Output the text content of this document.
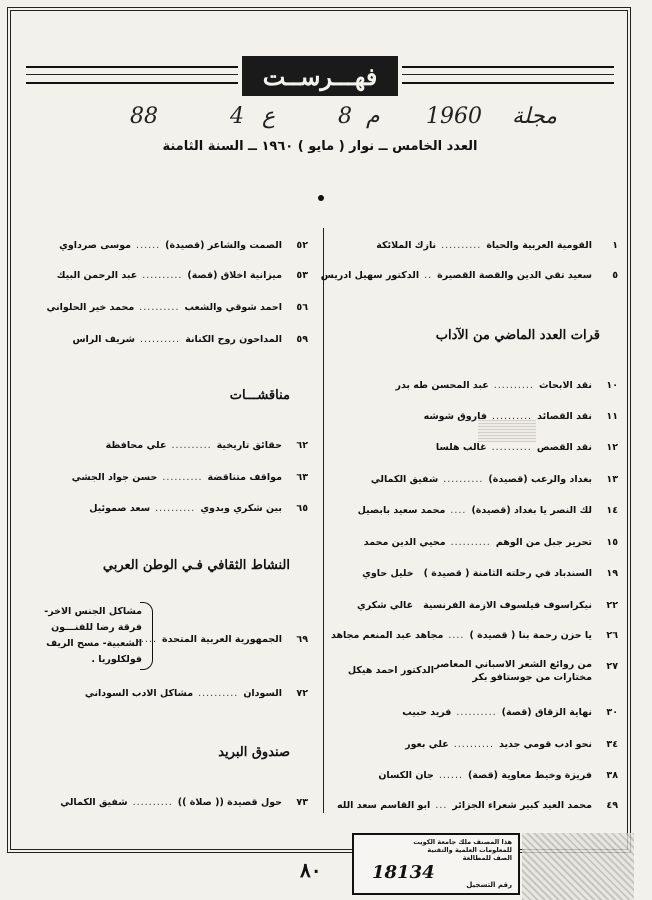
فهـــرســت
مجلة
1960
م
8
ع
4
88
العدد الخامس ــ نوار ( مايو ) ١٩٦٠ ــ السنة الثامنة
١
القومية العربية والحياة
..........
نازك الملائكة
٥
سعيد تقي الدين والقصة القصيرة
..
الدكتور سهيل ادريس
قرات العدد الماضي من الآداب
١٠
نقد الابحاث
..........
عبد المحسن طه بدر
١١
نقد القصائد
..........
فاروق شوشه
١٢
نقد القصص
..........
غالب هلسا
١٣
بغداد والرعب (قصيدة)
..........
شفيق الكمالي
١٤
لك النصر يا بغداد (قصيدة)
....
محمد سعيد بابصيل
١٥
تحرير جبل من الوهم
..........
محيي الدين محمد
١٩
السندباد في رحلته الثامنة ( قصيدة )
خليل حاوي
٢٢
نيكراسوف فيلسوف الازمة الفرنسية
غالي شكري
٢٦
يا حزن رحمة بنا ( قصيدة )
....
مجاهد عبد المنعم مجاهد
٢٧
من روائع الشعر الاسباني المعاصر
مختارات من جوستافو بكر
الدكتور احمد هيكل
٣٠
نهاية الزقاق (قصة)
..........
فريد حبيب
٣٤
نحو ادب قومي جديد
..........
علي بعور
٣٨
فريزة وخيط معاوية (قصة)
......
جان الكسان
٤٩
محمد العيد كبير شعراء الجزائر
...
ابو القاسم سعد الله
٥٢
الصمت والشاعر (قصيدة)
......
موسى صرداوي
٥٣
ميزانية اخلاق (قصة)
..........
عبد الرحمن البيك
٥٦
احمد شوقي والشعب
..........
محمد خير الحلواني
٥٩
المداحون روح الكنانة
..........
شريف الراس
مناقشـــات
٦٢
حقائق تاريخية
..........
علي محافظة
٦٣
مواقف متناقضة
..........
حسن جواد الجشي
٦٥
بين شكري وبدوي
..........
سعد صموئيل
النشاط الثقافي فـي الوطن العربي
٦٩
الجمهورية العربية المتحدة
.....
مشاكل الجنس الاخر-
فرقة رضا للفنـــون
الشعبية- مسح الريف
فولكلوريا .
٧٢
السودان
..........
مشاكل الادب السوداني
صندوق البريد
٧٣
حول قصيدة (( صلاة ))
..........
شفيق الكمالي
٨٠
هذا المصنف ملك جامعة الكويت
للمعلومات العلمية والتقنية
الصف للمطالعة
رقم التسجيل
18134
